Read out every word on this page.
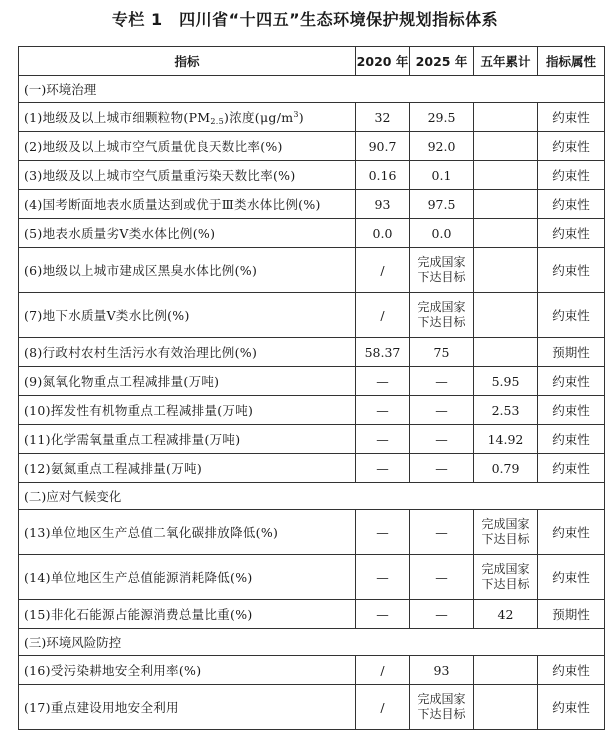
专栏 1　四川省“十四五”生态环境保护规划指标体系
指标	2020 年	2025 年	五年累计	指标属性
(一)环境治理				
(1)地级及以上城市细颗粒物$(PM_{2.5})$浓度$(\mu g/m^3)$	32	29.5		约束性
(2)地级及以上城市空气质量优良天数比率(%)	90.7	92.0		约束性
(3)地级及以上城市空气质量重污染天数比率(%)	0.16	0.1		约束性
(4)国考断面地表水质量达到或优于Ⅲ类水体比例(%)	93	97.5		约束性
(5)地表水质量劣Ⅴ类水体比例(%)	0.0	0.0		约束性
(6)地级以上城市建成区黑臭水体比例(%)	/	完成国家
下达目标		约束性
(7)地下水质量Ⅴ类水比例(%)	/	完成国家
下达目标		约束性
(8)行政村农村生活污水有效治理比例(%)	58.37	75		预期性
(9)氮氧化物重点工程减排量(万吨)	—	—	5.95	约束性
(10)挥发性有机物重点工程减排量(万吨)	—	—	2.53	约束性
(11)化学需氧量重点工程减排量(万吨)	—	—	14.92	约束性
(12)氨氮重点工程减排量(万吨)	—	—	0.79	约束性
(二)应对气候变化				
(13)单位地区生产总值二氧化碳排放降低(%)	—	—	完成国家
下达目标	约束性
(14)单位地区生产总值能源消耗降低(%)	—	—	完成国家
下达目标	约束性
(15)非化石能源占能源消费总量比重(%)	—	—	42	预期性
(三)环境风险防控				
(16)受污染耕地安全利用率(%)	/	93		约束性
(17)重点建设用地安全利用	/	完成国家
下达目标		约束性
